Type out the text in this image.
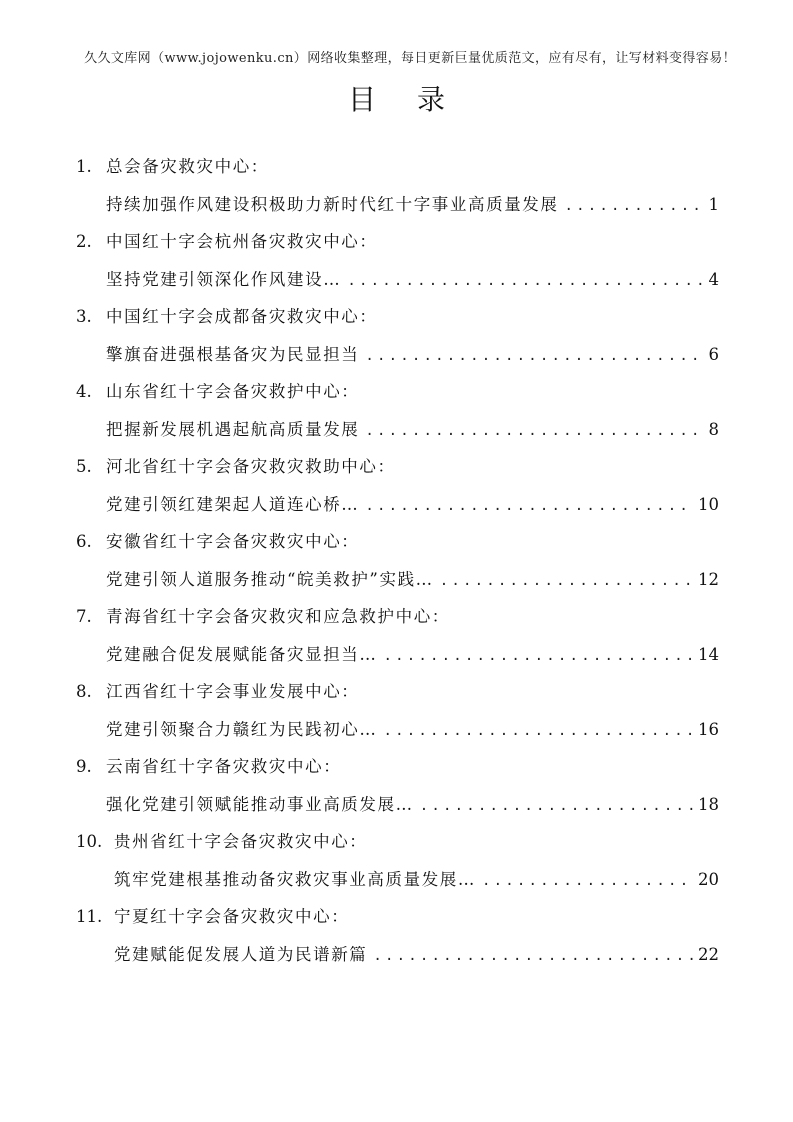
久久文库网（www.jojowenku.cn）网络收集整理，每日更新巨量优质范文，应有尽有，让写材料变得容易！
目 录
1. 总会备灾救灾中心：
持续加强作风建设积极助力新时代红十字事业高质量发展 .....	1
2. 中国红十字会杭州备灾救灾中心：
坚持党建引领深化作风建设… .....	4
3. 中国红十字会成都备灾救灾中心：
擎旗奋进强根基备灾为民显担当 .....	6
4. 山东省红十字会备灾救护中心：
把握新发展机遇起航高质量发展 .....	8
5. 河北省红十字会备灾救灾救助中心：
党建引领红建架起人道连心桥… .....	10
6. 安徽省红十字会备灾救灾中心：
党建引领人道服务推动“皖美救护”实践… .....	12
7. 青海省红十字会备灾救灾和应急救护中心：
党建融合促发展赋能备灾显担当… .....	14
8. 江西省红十字会事业发展中心：
党建引领聚合力赣红为民践初心… .....	16
9. 云南省红十字备灾救灾中心：
强化党建引领赋能推动事业高质发展… .....	18
10. 贵州省红十字会备灾救灾中心：
筑牢党建根基推动备灾救灾事业高质量发展… .....	20
11. 宁夏红十字会备灾救灾中心：
党建赋能促发展人道为民谱新篇 .....	22
